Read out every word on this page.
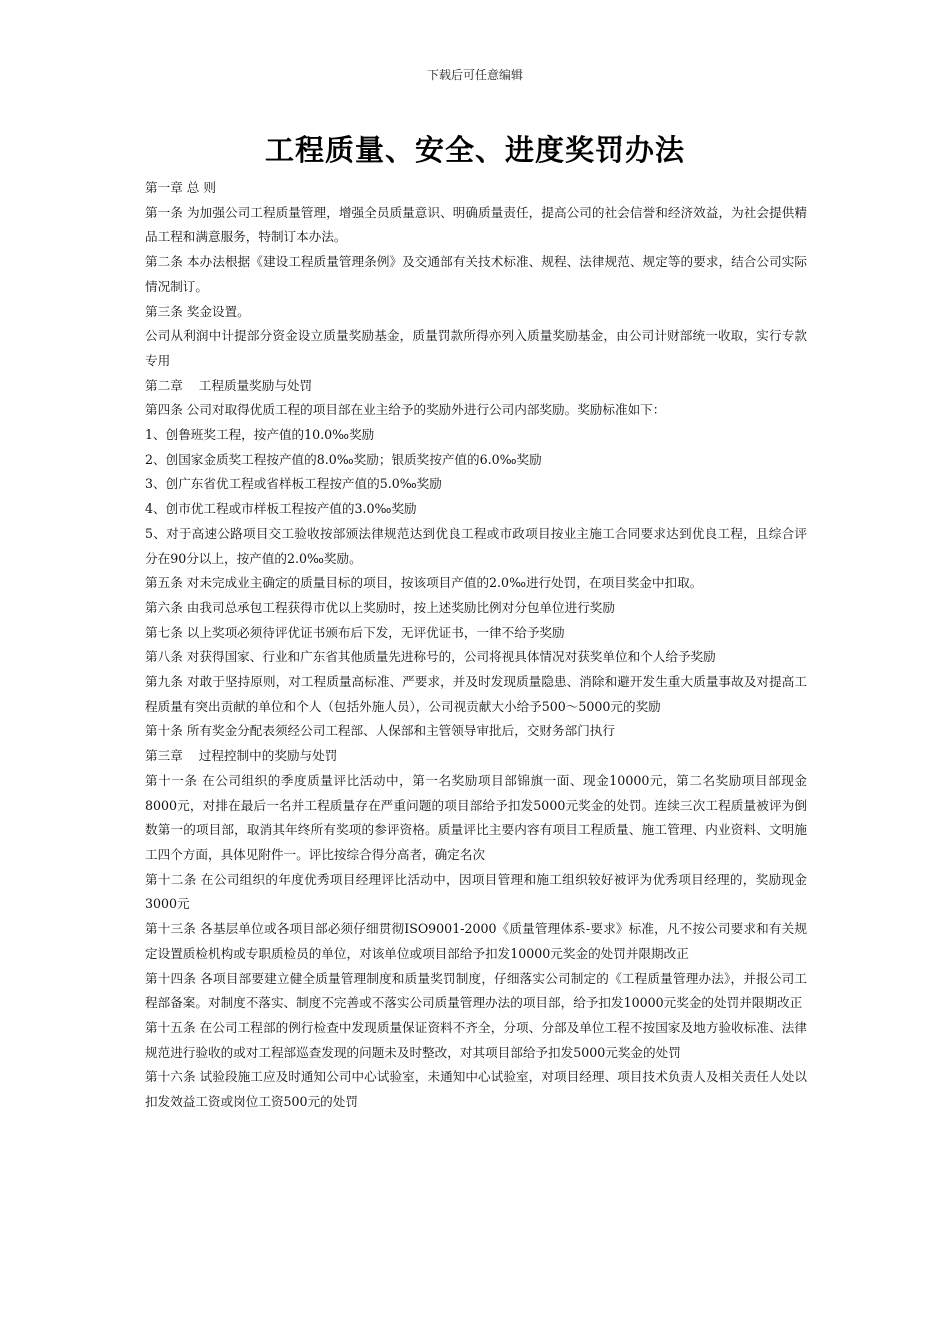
下载后可任意编辑
工程质量、安全、进度奖罚办法

第一章 总 则

第一条 为加强公司工程质量管理，增强全员质量意识、明确质量责任，提高公司的社会信誉和经济效益，为社会提供精品工程和满意服务，特制订本办法。

第二条 本办法根据《建设工程质量管理条例》及交通部有关技术标准、规程、法律规范、规定等的要求，结合公司实际情况制订。

第三条 奖金设置。

公司从利润中计提部分资金设立质量奖励基金，质量罚款所得亦列入质量奖励基金，由公司计财部统一收取，实行专款专用

第二章    工程质量奖励与处罚

第四条 公司对取得优质工程的项目部在业主给予的奖励外进行公司内部奖励。奖励标准如下：

1、创鲁班奖工程，按产值的10.0‰奖励

2、创国家金质奖工程按产值的8.0‰奖励；银质奖按产值的6.0‰奖励

3、创广东省优工程或省样板工程按产值的5.0‰奖励

4、创市优工程或市样板工程按产值的3.0‰奖励

5、对于高速公路项目交工验收按部颁法律规范达到优良工程或市政项目按业主施工合同要求达到优良工程，且综合评分在90分以上，按产值的2.0‰奖励。

第五条 对未完成业主确定的质量目标的项目，按该项目产值的2.0‰进行处罚，在项目奖金中扣取。

第六条 由我司总承包工程获得市优以上奖励时，按上述奖励比例对分包单位进行奖励

第七条 以上奖项必须待评优证书颁布后下发，无评优证书，一律不给予奖励

第八条 对获得国家、行业和广东省其他质量先进称号的，公司将视具体情况对获奖单位和个人给予奖励

第九条 对敢于坚持原则，对工程质量高标准、严要求，并及时发现质量隐患、消除和避开发生重大质量事故及对提高工程质量有突出贡献的单位和个人（包括外施人员），公司视贡献大小给予500～5000元的奖励

第十条 所有奖金分配表须经公司工程部、人保部和主管领导审批后，交财务部门执行

第三章    过程控制中的奖励与处罚

第十一条 在公司组织的季度质量评比活动中，第一名奖励项目部锦旗一面、现金10000元，第二名奖励项目部现金8000元，对排在最后一名并工程质量存在严重问题的项目部给予扣发5000元奖金的处罚。连续三次工程质量被评为倒数第一的项目部，取消其年终所有奖项的参评资格。质量评比主要内容有项目工程质量、施工管理、内业资料、文明施工四个方面，具体见附件一。评比按综合得分高者，确定名次

第十二条 在公司组织的年度优秀项目经理评比活动中，因项目管理和施工组织较好被评为优秀项目经理的，奖励现金3000元

第十三条 各基层单位或各项目部必须仔细贯彻ISO9001-2000《质量管理体系-要求》标准，凡不按公司要求和有关规定设置质检机构或专职质检员的单位，对该单位或项目部给予扣发10000元奖金的处罚并限期改正

第十四条 各项目部要建立健全质量管理制度和质量奖罚制度，仔细落实公司制定的《工程质量管理办法》，并报公司工程部备案。对制度不落实、制度不完善或不落实公司质量管理办法的项目部，给予扣发10000元奖金的处罚并限期改正

第十五条 在公司工程部的例行检查中发现质量保证资料不齐全，分项、分部及单位工程不按国家及地方验收标准、法律规范进行验收的或对工程部巡查发现的问题未及时整改，对其项目部给予扣发5000元奖金的处罚

第十六条 试验段施工应及时通知公司中心试验室，未通知中心试验室，对项目经理、项目技术负责人及相关责任人处以扣发效益工资或岗位工资500元的处罚
